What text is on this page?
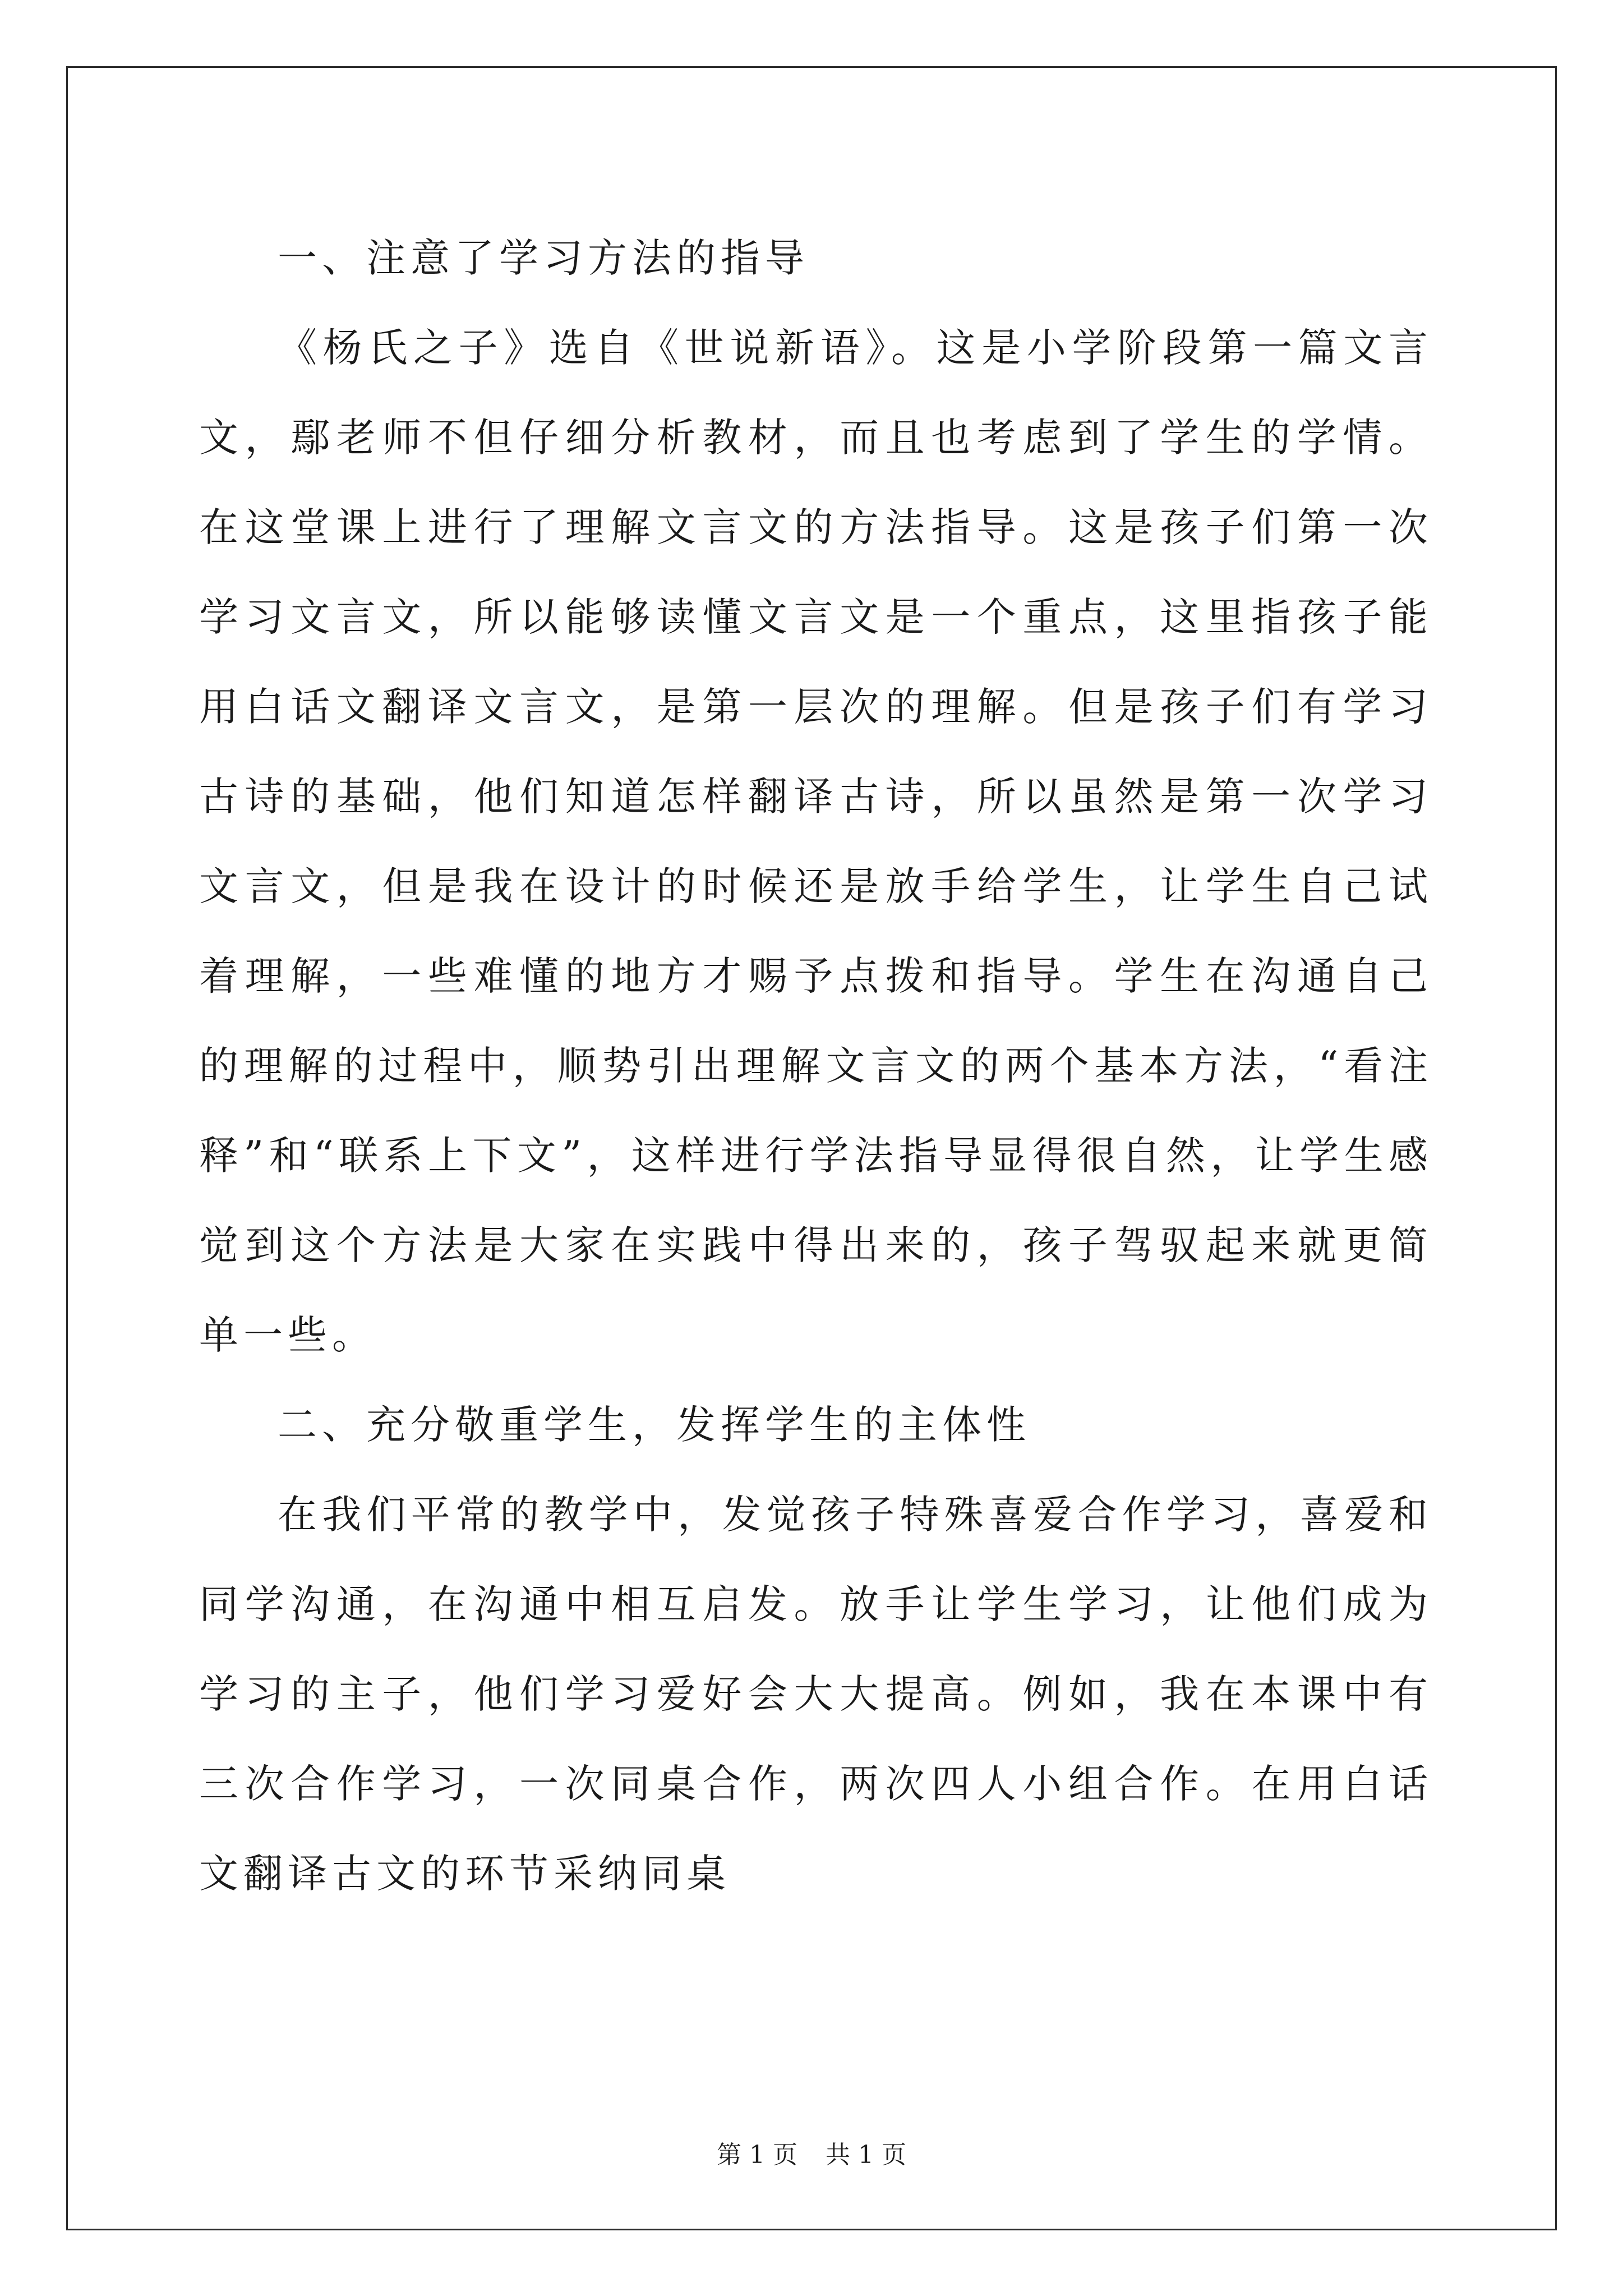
一、注意了学习方法的指导

《杨氏之子》选自《世说新语》。这是小学阶段第一篇文言文，鄢老师不但仔细分析教材，而且也考虑到了学生的学情。在这堂课上进行了理解文言文的方法指导。这是孩子们第一次学习文言文，所以能够读懂文言文是一个重点，这里指孩子能用白话文翻译文言文，是第一层次的理解。但是孩子们有学习古诗的基础，他们知道怎样翻译古诗，所以虽然是第一次学习文言文，但是我在设计的时候还是放手给学生，让学生自己试着理解，一些难懂的地方才赐予点拨和指导。学生在沟通自己的理解的过程中，顺势引出理解文言文的两个基本方法，“看注释”和“联系上下文”，这样进行学法指导显得很自然，让学生感觉到这个方法是大家在实践中得出来的，孩子驾驭起来就更简单一些。

二、充分敬重学生，发挥学生的主体性

在我们平常的教学中，发觉孩子特殊喜爱合作学习，喜爱和同学沟通，在沟通中相互启发。放手让学生学习，让他们成为学习的主子，他们学习爱好会大大提高。例如，我在本课中有三次合作学习，一次同桌合作，两次四人小组合作。在用白话文翻译古文的环节采纳同桌

第 1 页 共 1 页
